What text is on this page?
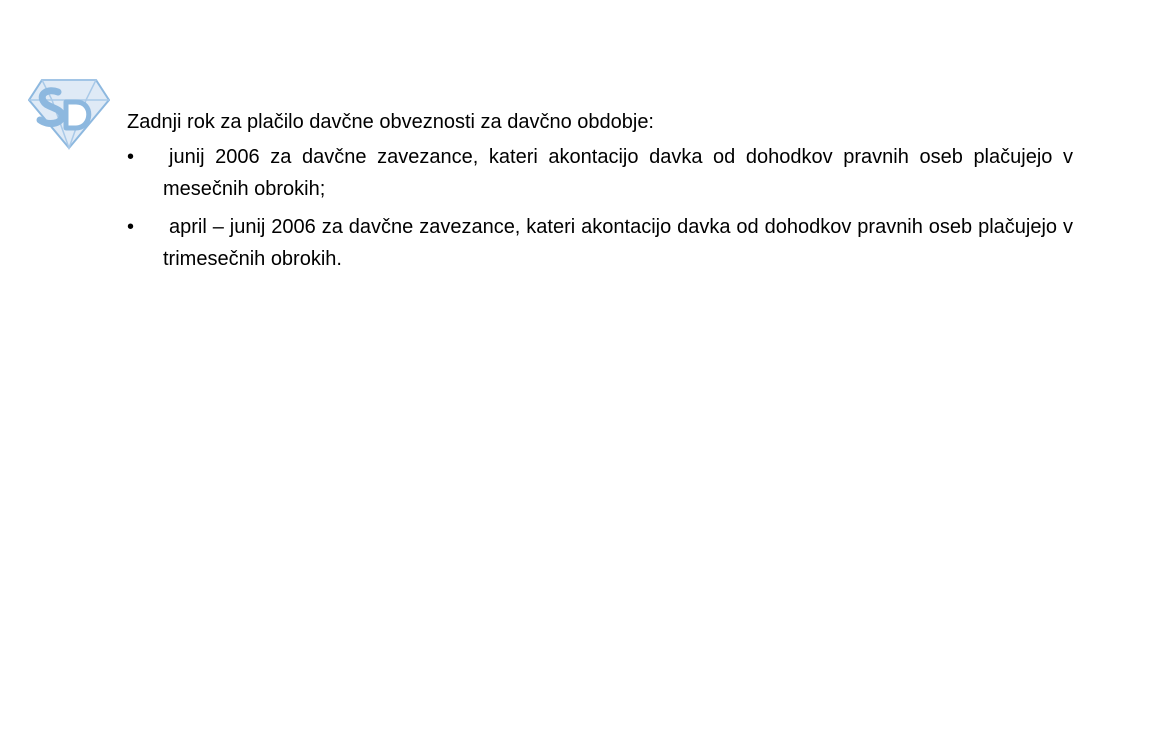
Zadnji rok za plačilo davčne obveznosti za davčno obdobje:

•	junij 2006 za davčne zavezance, kateri akontacijo davka od dohodkov pravnih oseb plačujejo v mesečnih obrokih;
•	april – junij 2006 za davčne zavezance, kateri akontacijo davka od dohodkov pravnih oseb plačujejo v trimesečnih obrokih.
